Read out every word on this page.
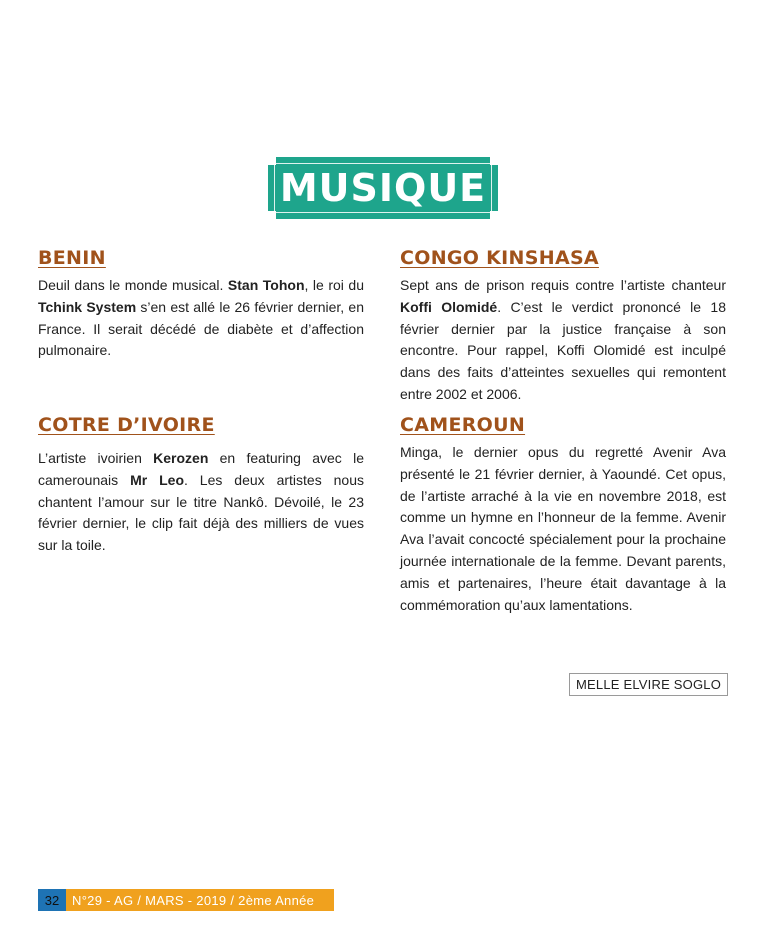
MUSIQUE
BENIN

Deuil dans le monde musical. Stan Tohon, le roi du Tchink System s’en est allé le 26 février dernier, en France. Il serait décédé de diabète et d’affection pulmonaire.

CONGO KINSHASA

Sept ans de prison requis contre l’artiste chanteur Koffi Olomidé. C’est le verdict prononcé le 18 février dernier par la justice française à son encontre. Pour rappel, Koffi Olomidé est inculpé dans des faits d’atteintes sexuelles qui remontent entre 2002 et 2006.

COTRE D’IVOIRE

L’artiste ivoirien Kerozen en featuring avec le camerounais Mr Leo. Les deux artistes nous chantent l’amour sur le titre Nankô. Dévoilé, le 23 février dernier, le clip fait déjà des milliers de vues sur la toile.

CAMEROUN

Minga, le dernier opus du regretté Avenir Ava présenté le 21 février dernier, à Yaoundé. Cet opus, de l’artiste arraché à la vie en novembre 2018, est comme un hymne en l’honneur de la femme. Avenir Ava l’avait concocté spécialement pour la prochaine journée internationale de la femme. Devant parents, amis et partenaires, l’heure était davantage à la commémoration qu’aux lamentations.

MELLE ELVIRE SOGLO
32 N°29 - AG / MARS - 2019 / 2ème Année
